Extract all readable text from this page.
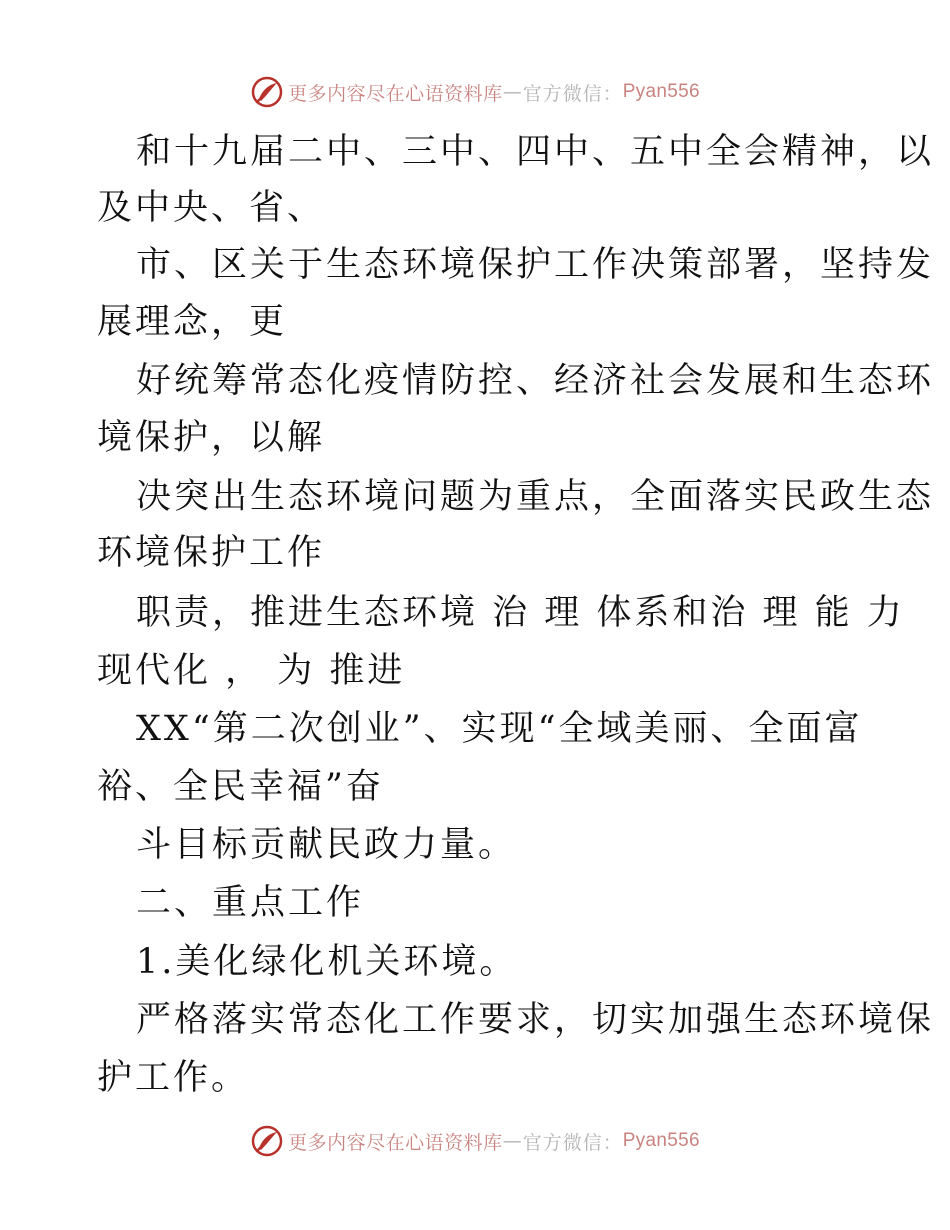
更多内容尽在心语资料库 — 官方微信： Pyan556
和十九届二中、三中、四中、五中全会精神，以
及中央、省、
市、区关于生态环境保护工作决策部署，坚持发
展理念，更
好统筹常态化疫情防控、经济社会发展和生态环
境保护，以解
决突出生态环境问题为重点，全面落实民政生态
环境保护工作
职责，推进生态环境 治 理 体系和治 理 能 力
现代化 ， 为 推进
XX“第二次创业”、实现“全域美丽、全面富
裕、全民幸福”奋
斗目标贡献民政力量。
二、重点工作
1.美化绿化机关环境。
严格落实常态化工作要求，切实加强生态环境保
护工作。
更多内容尽在心语资料库 — 官方微信： Pyan556
